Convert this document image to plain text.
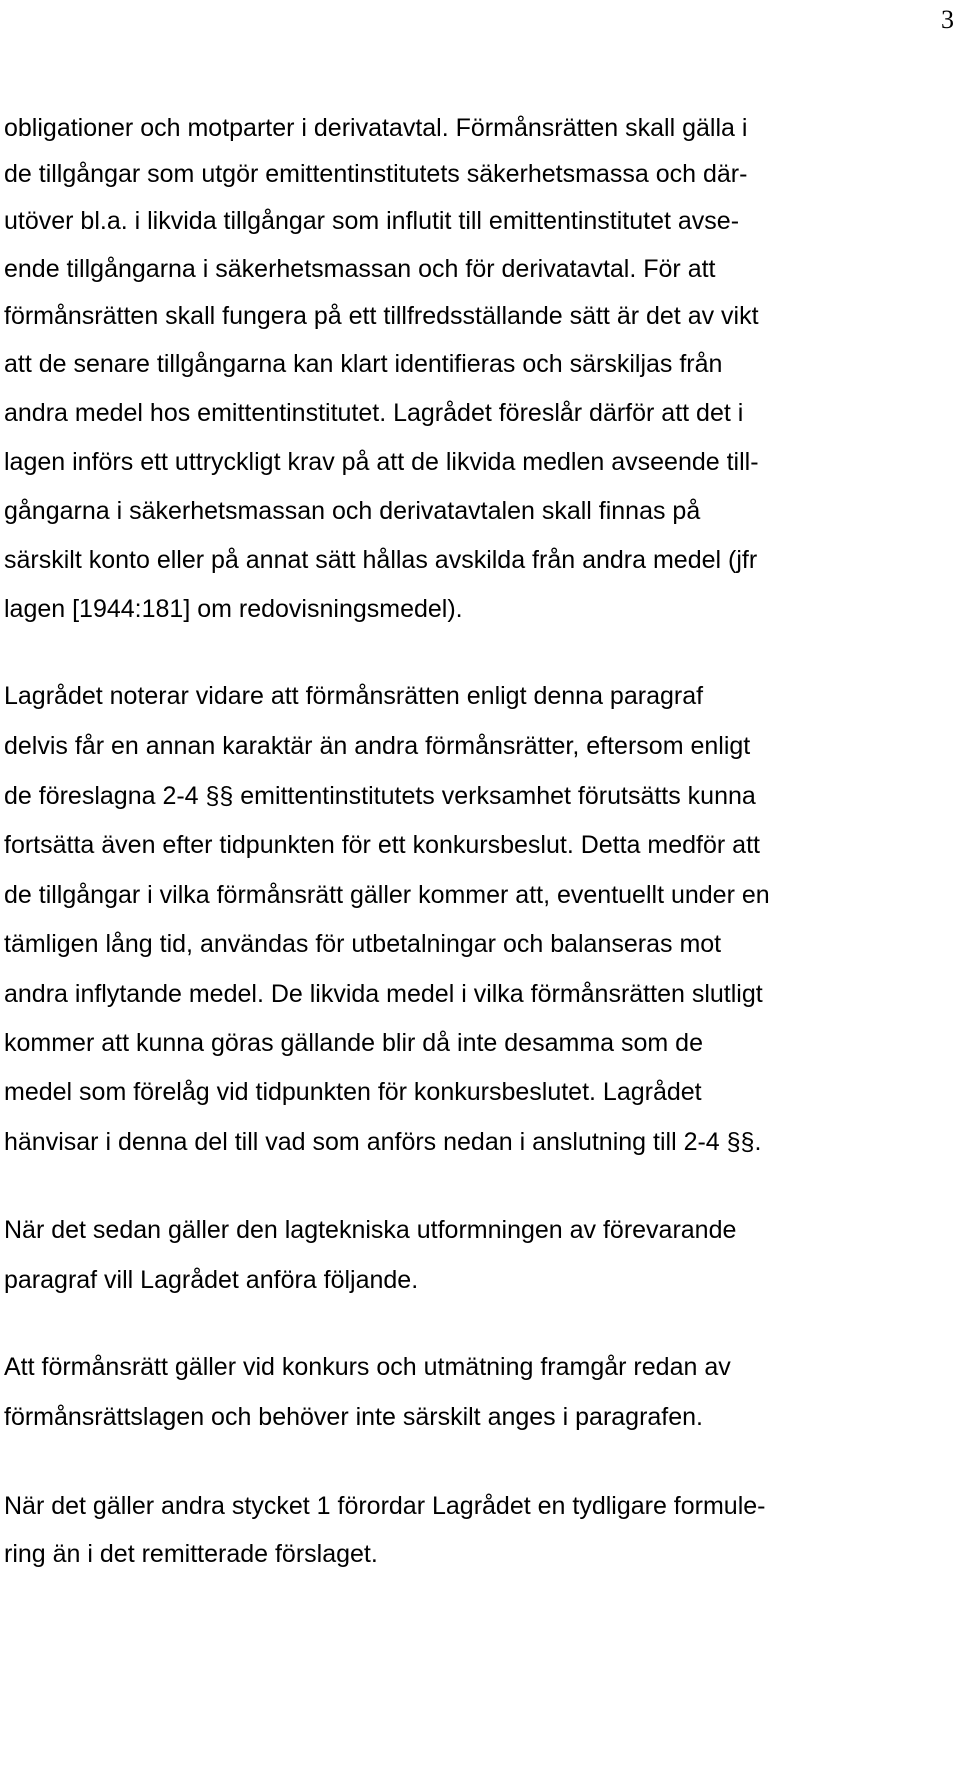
3
obligationer och motparter i derivatavtal. Förmånsrätten skall gälla i
de tillgångar som utgör emittentinstitutets säkerhetsmassa och där-
utöver bl.a. i likvida tillgångar som influtit till emittentinstitutet avse-
ende tillgångarna i säkerhetsmassan och för derivatavtal. För att
förmånsrätten skall fungera på ett tillfredsställande sätt är det av vikt
att de senare tillgångarna kan klart identifieras och särskiljas från
andra medel hos emittentinstitutet. Lagrådet föreslår därför att det i
lagen införs ett uttryckligt krav på att de likvida medlen avseende till-
gångarna i säkerhetsmassan och derivatavtalen skall finnas på
särskilt konto eller på annat sätt hållas avskilda från andra medel (jfr
lagen [1944:181] om redovisningsmedel).
Lagrådet noterar vidare att förmånsrätten enligt denna paragraf
delvis får en annan karaktär än andra förmånsrätter, eftersom enligt
de föreslagna 2-4 §§ emittentinstitutets verksamhet förutsätts kunna
fortsätta även efter tidpunkten för ett konkursbeslut. Detta medför att
de tillgångar i vilka förmånsrätt gäller kommer att, eventuellt under en
tämligen lång tid, användas för utbetalningar och balanseras mot
andra inflytande medel. De likvida medel i vilka förmånsrätten slutligt
kommer att kunna göras gällande blir då inte desamma som de
medel som förelåg vid tidpunkten för konkursbeslutet. Lagrådet
hänvisar i denna del till vad som anförs nedan i anslutning till 2-4 §§.
När det sedan gäller den lagtekniska utformningen av förevarande
paragraf vill Lagrådet anföra följande.
Att förmånsrätt gäller vid konkurs och utmätning framgår redan av
förmånsrättslagen och behöver inte särskilt anges i paragrafen.
När det gäller andra stycket 1 förordar Lagrådet en tydligare formule-
ring än i det remitterade förslaget.
